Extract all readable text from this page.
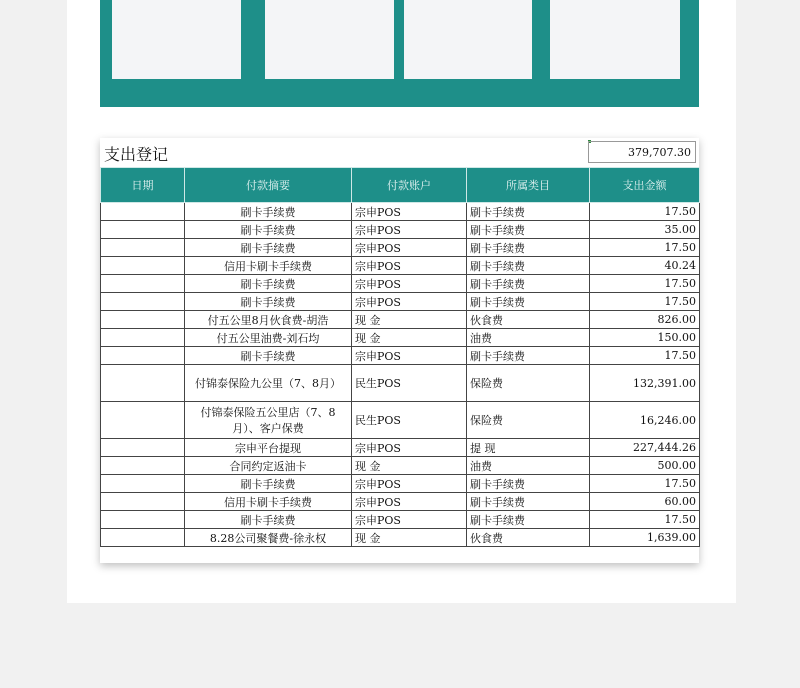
支出登记	379,707.30
日期	付款摘要	付款账户	所属类目	支出金额
	刷卡手续费	宗申POS	刷卡手续费	17.50
	刷卡手续费	宗申POS	刷卡手续费	35.00
	刷卡手续费	宗申POS	刷卡手续费	17.50
	信用卡刷卡手续费	宗申POS	刷卡手续费	40.24
	刷卡手续费	宗申POS	刷卡手续费	17.50
	刷卡手续费	宗申POS	刷卡手续费	17.50
	付五公里8月伙食费-胡浩	现 金	伙食费	826.00
	付五公里油费-刘石均	现 金	油费	150.00
	刷卡手续费	宗申POS	刷卡手续费	17.50
	付锦泰保险九公里（7、8月）	民生POS	保险费	132,391.00
	付锦泰保险五公里店（7、8月）、客户保费	民生POS	保险费	16,246.00
	宗申平台提现	宗申POS	提 现	227,444.26
	合同约定返油卡	现 金	油费	500.00
	刷卡手续费	宗申POS	刷卡手续费	17.50
	信用卡刷卡手续费	宗申POS	刷卡手续费	60.00
	刷卡手续费	宗申POS	刷卡手续费	17.50
	8.28公司聚餐费-徐永权	现 金	伙食费	1,639.00
